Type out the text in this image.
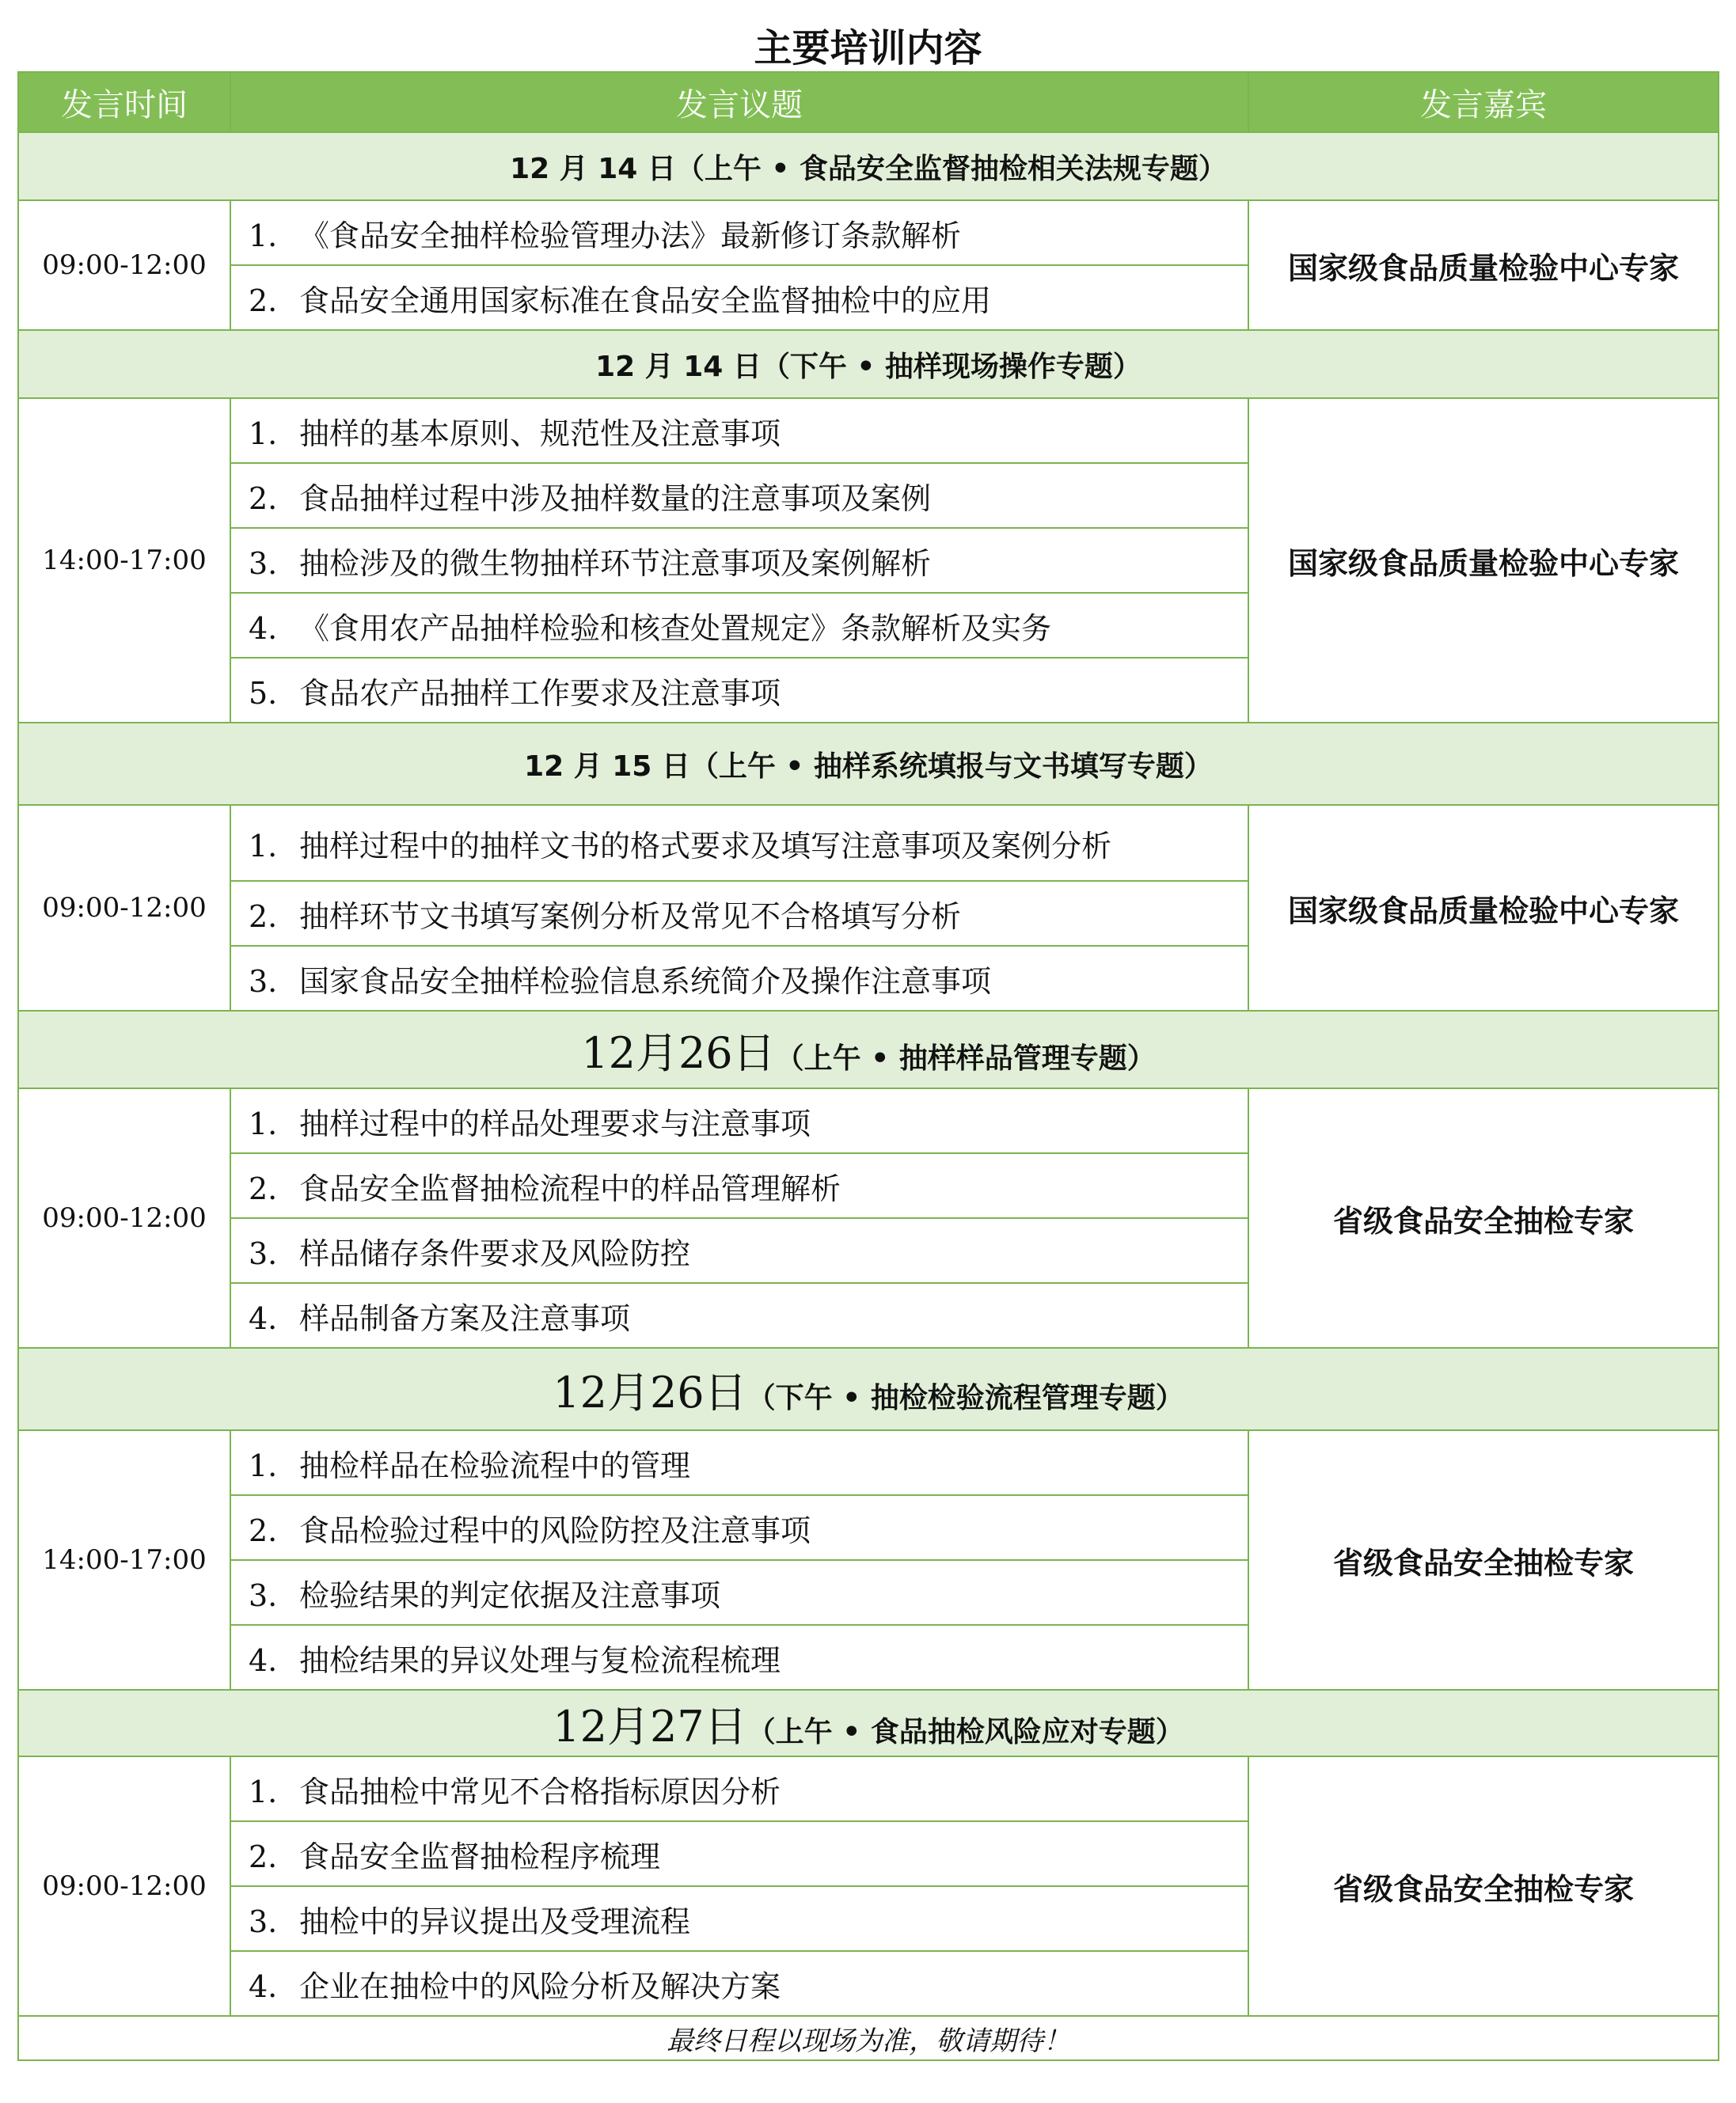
主要培训内容
发言时间	发言议题	发言嘉宾
12 月 14 日（上午 • 食品安全监督抽检相关法规专题）		
09:00-12:00	1. 《食品安全抽样检验管理办法》最新修订条款解析	国家级食品质量检验中心专家
	2. 食品安全通用国家标准在食品安全监督抽检中的应用	
12 月 14 日（下午 • 抽样现场操作专题）		
14:00-17:00	1. 抽样的基本原则、规范性及注意事项	国家级食品质量检验中心专家
	2. 食品抽样过程中涉及抽样数量的注意事项及案例	
	3. 抽检涉及的微生物抽样环节注意事项及案例解析	
	4. 《食用农产品抽样检验和核查处置规定》条款解析及实务	
	5. 食品农产品抽样工作要求及注意事项	
12 月 15 日（上午 • 抽样系统填报与文书填写专题）		
09:00-12:00	1. 抽样过程中的抽样文书的格式要求及填写注意事项及案例分析	国家级食品质量检验中心专家
	2. 抽样环节文书填写案例分析及常见不合格填写分析	
	3. 国家食品安全抽样检验信息系统简介及操作注意事项	
12月26日（上午 • 抽样样品管理专题）		
09:00-12:00	1. 抽样过程中的样品处理要求与注意事项	省级食品安全抽检专家
	2. 食品安全监督抽检流程中的样品管理解析	
	3. 样品储存条件要求及风险防控	
	4. 样品制备方案及注意事项	
12月26日（下午 • 抽检检验流程管理专题）		
14:00-17:00	1. 抽检样品在检验流程中的管理	省级食品安全抽检专家
	2. 食品检验过程中的风险防控及注意事项	
	3. 检验结果的判定依据及注意事项	
	4. 抽检结果的异议处理与复检流程梳理	
12月27日（上午 • 食品抽检风险应对专题）		
09:00-12:00	1. 食品抽检中常见不合格指标原因分析	省级食品安全抽检专家
	2. 食品安全监督抽检程序梳理	
	3. 抽检中的异议提出及受理流程	
	4. 企业在抽检中的风险分析及解决方案	
最终日程以现场为准，敬请期待！		
